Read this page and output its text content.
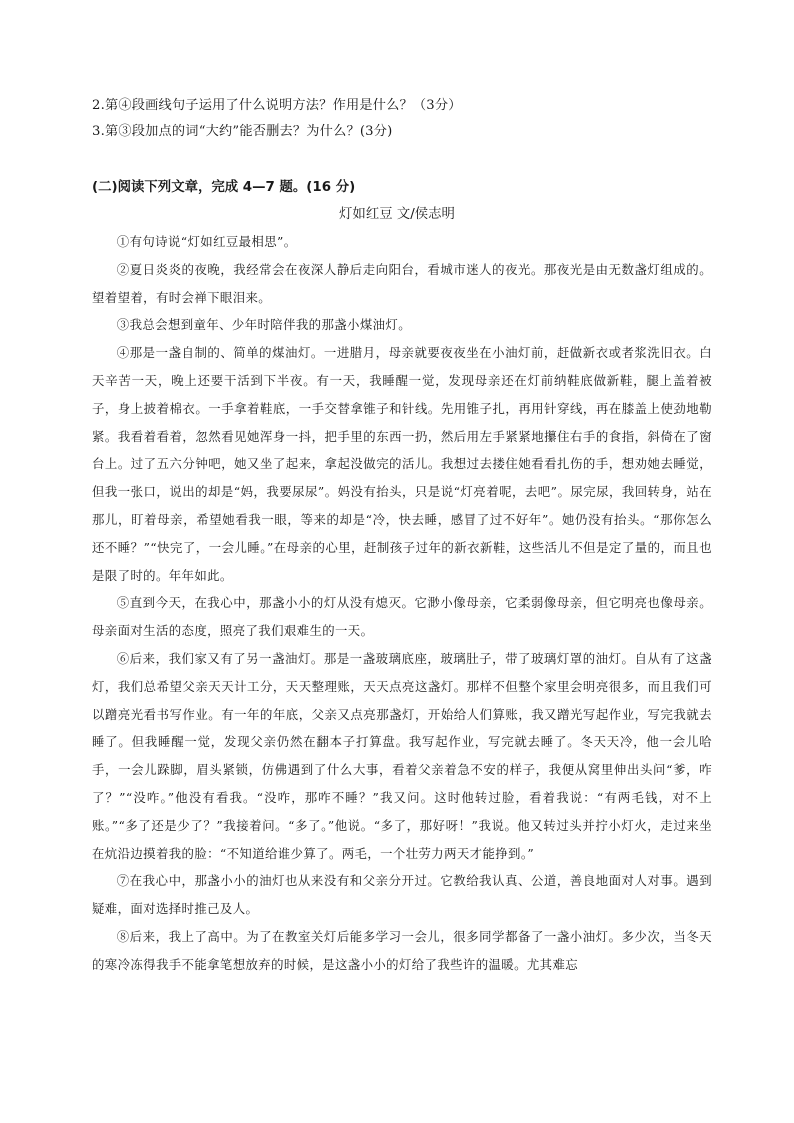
2.第④段画线句子运用了什么说明方法？作用是什么？（3分）
3.第③段加点的词“大约”能否删去？为什么？(3分)
(二)阅读下列文章，完成 4—7 题。(16 分)
灯如红豆 文/侯志明

①有句诗说“灯如红豆最相思”。

②夏日炎炎的夜晚，我经常会在夜深人静后走向阳台，看城市迷人的夜光。那夜光是由无数盏灯组成的。望着望着，有时会禅下眼泪来。

③我总会想到童年、少年时陪伴我的那盏小煤油灯。

④那是一盏自制的、简单的煤油灯。一进腊月，母亲就要夜夜坐在小油灯前，赶做新衣或者浆洗旧衣。白天辛苦一天，晚上还要干活到下半夜。有一天，我睡醒一觉，发现母亲还在灯前纳鞋底做新鞋，腿上盖着被子，身上披着棉衣。一手拿着鞋底，一手交替拿锥子和针线。先用锥子扎，再用针穿线，再在膝盖上使劲地勒紧。我看着看着，忽然看见她浑身一抖，把手里的东西一扔，然后用左手紧紧地攥住右手的食指，斜倚在了窗台上。过了五六分钟吧，她又坐了起来，拿起没做完的活儿。我想过去搂住她看看扎伤的手，想劝她去睡觉，但我一张口，说出的却是“妈，我要尿尿”。妈没有抬头，只是说“灯亮着呢，去吧”。尿完尿，我回转身，站在那儿，盯着母亲，希望她看我一眼，等来的却是“冷，快去睡，感冒了过不好年”。她仍没有抬头。“那你怎么还不睡？”“快完了，一会儿睡。”在母亲的心里，赶制孩子过年的新衣新鞋，这些活儿不但是定了量的，而且也是限了时的。年年如此。

⑤直到今天，在我心中，那盏小小的灯从没有熄灭。它渺小像母亲，它柔弱像母亲，但它明亮也像母亲。母亲面对生活的态度，照亮了我们艰难生的一天。

⑥后来，我们家又有了另一盏油灯。那是一盏玻璃底座，玻璃肚子，带了玻璃灯罩的油灯。自从有了这盏灯，我们总希望父亲天天计工分，天天整理账，天天点亮这盏灯。那样不但整个家里会明亮很多，而且我们可以蹭亮光看书写作业。有一年的年底，父亲又点亮那盏灯，开始给人们算账，我又蹭光写起作业，写完我就去睡了。但我睡醒一觉，发现父亲仍然在翻本子打算盘。我写起作业，写完就去睡了。冬天天冷，他一会儿哈手，一会儿跺脚，眉头紧锁，仿佛遇到了什么大事，看着父亲着急不安的样子，我便从窝里伸出头问“爹，咋了？”“没咋。”他没有看我。“没咋，那咋不睡？”我又问。这时他转过脸，看着我说：“有两毛钱，对不上账。”“多了还是少了？”我接着问。“多了。”他说。“多了，那好呀！”我说。他又转过头并拧小灯火，走过来坐在炕沿边摸着我的脸：“不知道给谁少算了。两毛，一个壮劳力两天才能挣到。”

⑦在我心中，那盏小小的油灯也从来没有和父亲分开过。它教给我认真、公道，善良地面对人对事。遇到疑难，面对选择时推己及人。

⑧后来，我上了高中。为了在教室关灯后能多学习一会儿，很多同学都备了一盏小油灯。多少次，当冬天的寒冷冻得我手不能拿笔想放弃的时候，是这盏小小的灯给了我些许的温暖。尤其难忘
